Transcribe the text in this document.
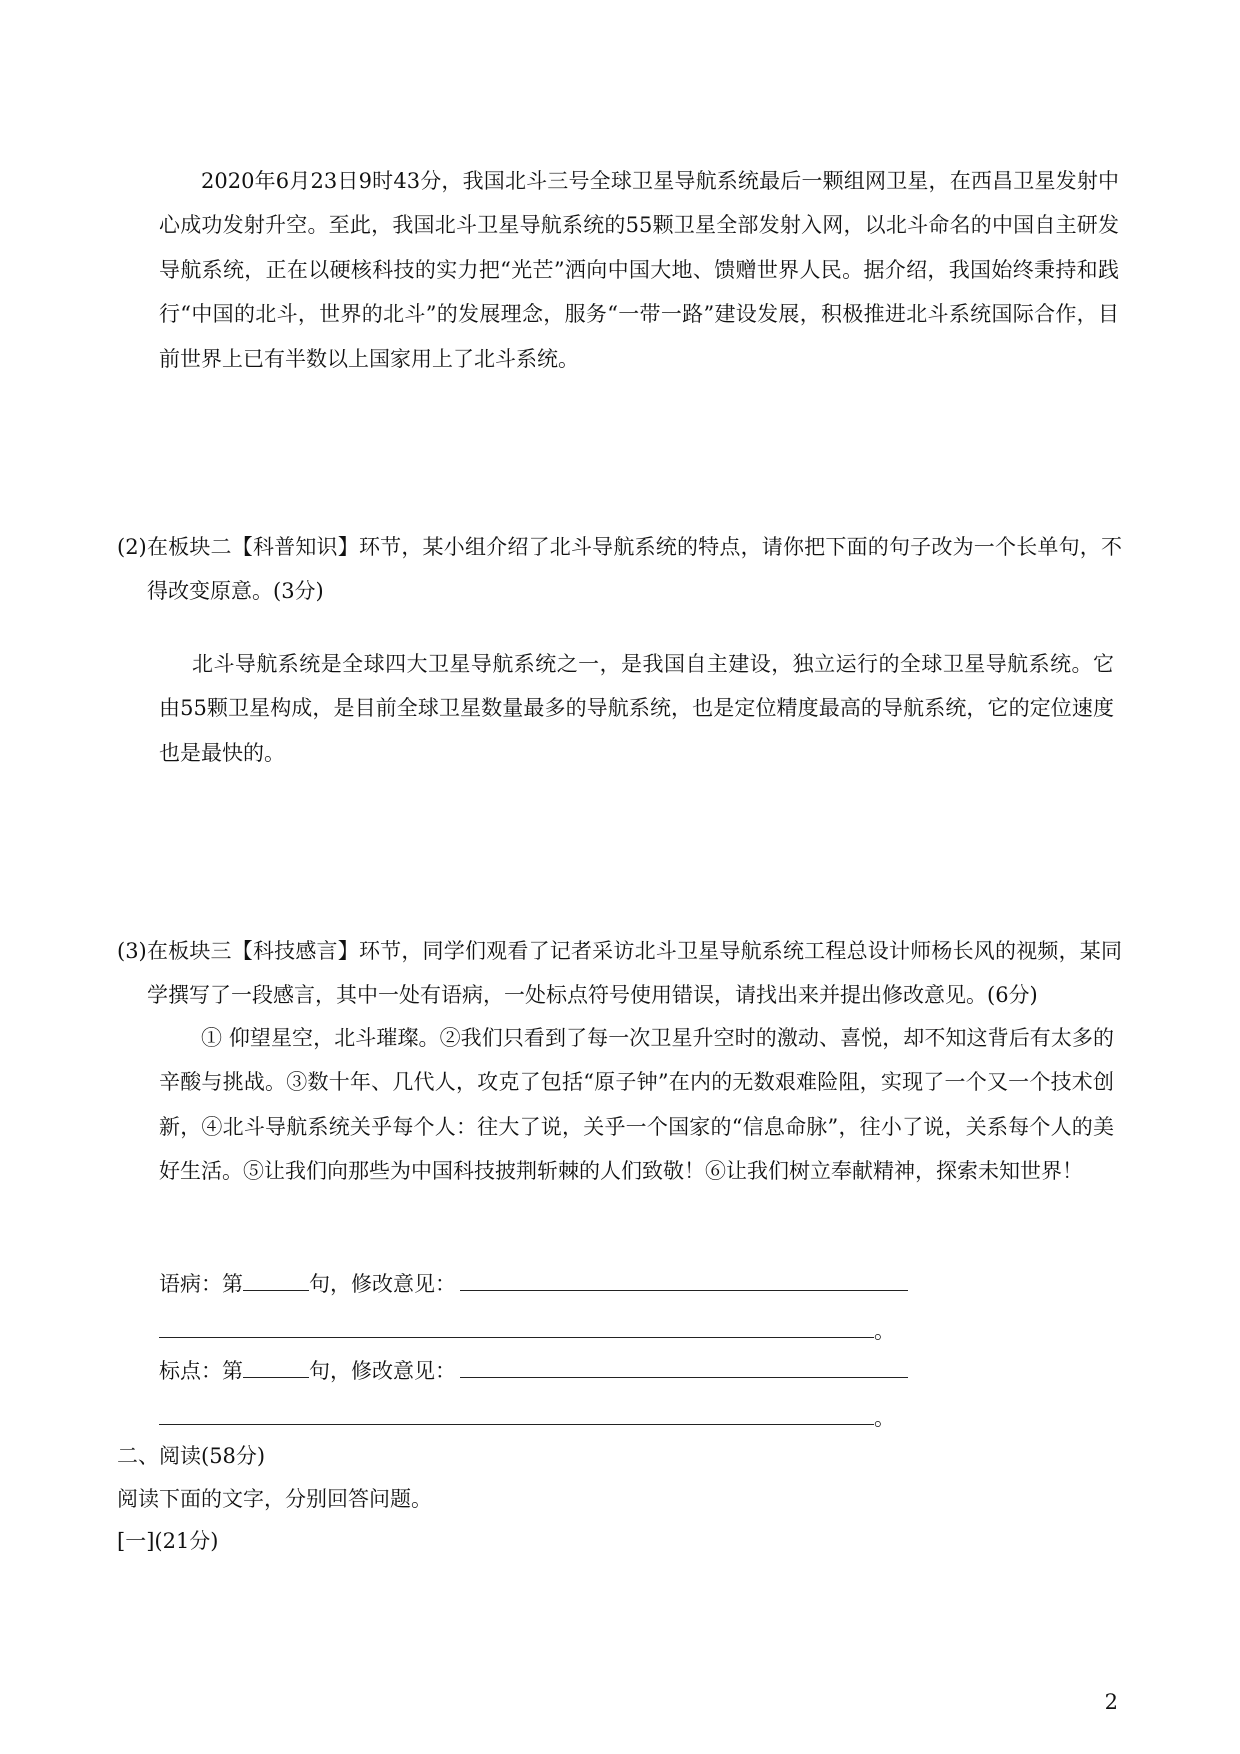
2020年6月23日9时43分，我国北斗三号全球卫星导航系统最后一颗组网卫星，在西昌卫星发射中心成功发射升空。至此，我国北斗卫星导航系统的55颗卫星全部发射入网，以北斗命名的中国自主研发导航系统，正在以硬核科技的实力把“光芒”洒向中国大地、馈赠世界人民。据介绍，我国始终秉持和践行“中国的北斗，世界的北斗”的发展理念，服务“一带一路”建设发展，积极推进北斗系统国际合作，目前世界上已有半数以上国家用上了北斗系统。
(2)在板块二【科普知识】环节，某小组介绍了北斗导航系统的特点，请你把下面的句子改为一个长单句，不得改变原意。(3分)
北斗导航系统是全球四大卫星导航系统之一，是我国自主建设，独立运行的全球卫星导航系统。它由55颗卫星构成，是目前全球卫星数量最多的导航系统，也是定位精度最高的导航系统，它的定位速度也是最快的。
(3)在板块三【科技感言】环节，同学们观看了记者采访北斗卫星导航系统工程总设计师杨长风的视频，某同学撰写了一段感言，其中一处有语病，一处标点符号使用错误，请找出来并提出修改意见。(6分)
① 仰望星空，北斗璀璨。②我们只看到了每一次卫星升空时的激动、喜悦，却不知这背后有太多的辛酸与挑战。③数十年、几代人，攻克了包括“原子钟”在内的无数艰难险阻，实现了一个又一个技术创新，④北斗导航系统关乎每个人：往大了说，关乎一个国家的“信息命脉”，往小了说，关系每个人的美好生活。⑤让我们向那些为中国科技披荆斩棘的人们致敬！⑥让我们树立奉献精神，探索未知世界！
语病：第	句，修改意见：
。
标点：第	句，修改意见：
。
二、阅读(58分)
阅读下面的文字，分别回答问题。
[一](21分)
2
